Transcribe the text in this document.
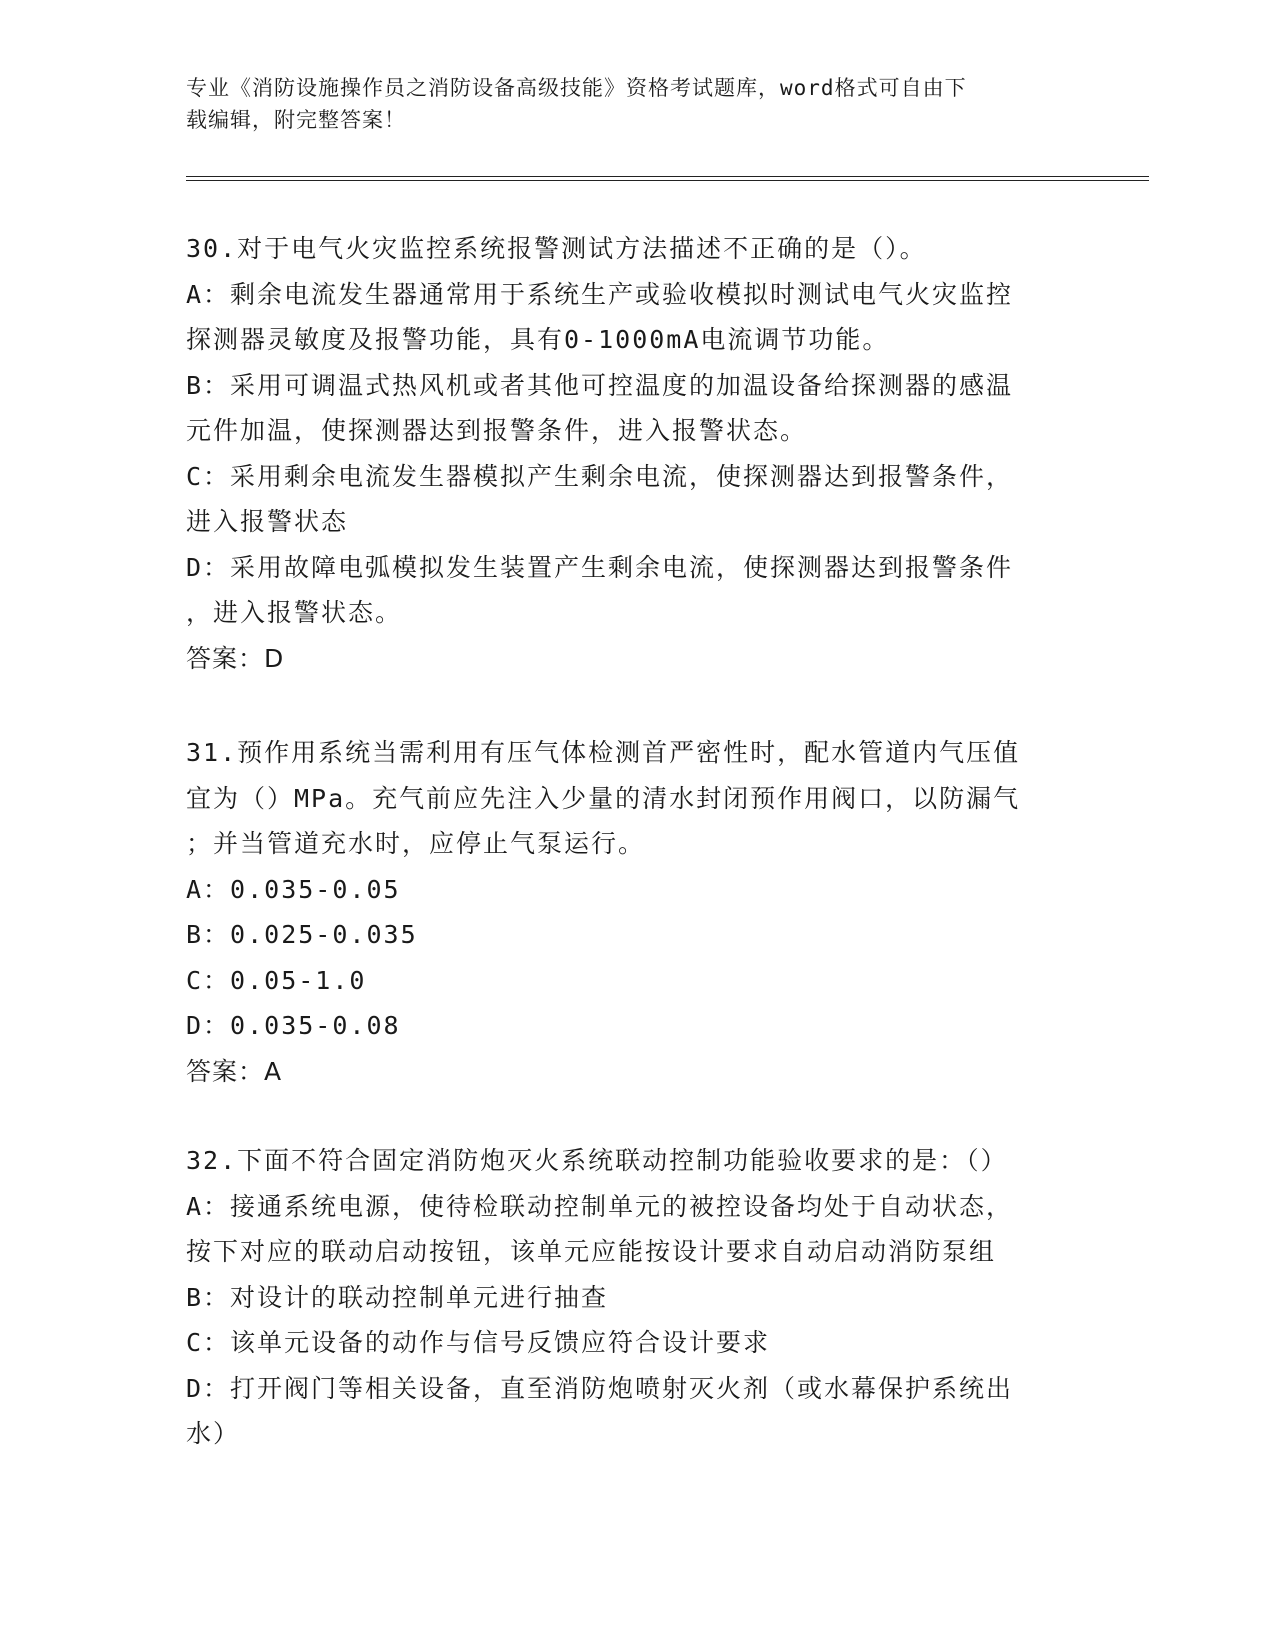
专业《消防设施操作员之消防设备高级技能》资格考试题库，word格式可自由下
载编辑，附完整答案！

30.对于电气火灾监控系统报警测试方法描述不正确的是（）。

A：剩余电流发生器通常用于系统生产或验收模拟时测试电气火灾监控

探测器灵敏度及报警功能，具有0-1000mA电流调节功能。

B：采用可调温式热风机或者其他可控温度的加温设备给探测器的感温

元件加温，使探测器达到报警条件，进入报警状态。

C：采用剩余电流发生器模拟产生剩余电流，使探测器达到报警条件，

进入报警状态

D：采用故障电弧模拟发生装置产生剩余电流，使探测器达到报警条件

，进入报警状态。

答案：D

31.预作用系统当需利用有压气体检测首严密性时，配水管道内气压值

宜为（）MPa。充气前应先注入少量的清水封闭预作用阀口，以防漏气

；并当管道充水时，应停止气泵运行。

A：0.035-0.05

B：0.025-0.035

C：0.05-1.0

D：0.035-0.08

答案：A

32.下面不符合固定消防炮灭火系统联动控制功能验收要求的是：（）

A：接通系统电源，使待检联动控制单元的被控设备均处于自动状态，

按下对应的联动启动按钮，该单元应能按设计要求自动启动消防泵组

B：对设计的联动控制单元进行抽查

C：该单元设备的动作与信号反馈应符合设计要求

D：打开阀门等相关设备，直至消防炮喷射灭火剂（或水幕保护系统出

水）
